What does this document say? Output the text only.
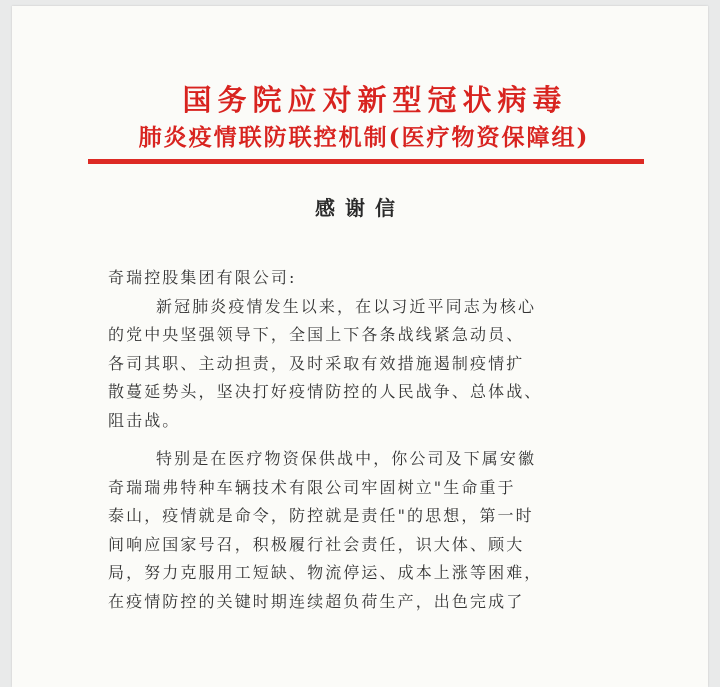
国务院应对新型冠状病毒
肺炎疫情联防联控机制(医疗物资保障组)
感谢信
奇瑞控股集团有限公司:
新冠肺炎疫情发生以来，在以习近平同志为核心
的党中央坚强领导下，全国上下各条战线紧急动员、
各司其职、主动担责，及时采取有效措施遏制疫情扩
散蔓延势头，坚决打好疫情防控的人民战争、总体战、
阻击战。
特别是在医疗物资保供战中，你公司及下属安徽
奇瑞瑞弗特种车辆技术有限公司牢固树立"生命重于
泰山，疫情就是命令，防控就是责任"的思想，第一时
间响应国家号召，积极履行社会责任，识大体、顾大
局，努力克服用工短缺、物流停运、成本上涨等困难，
在疫情防控的关键时期连续超负荷生产，出色完成了
